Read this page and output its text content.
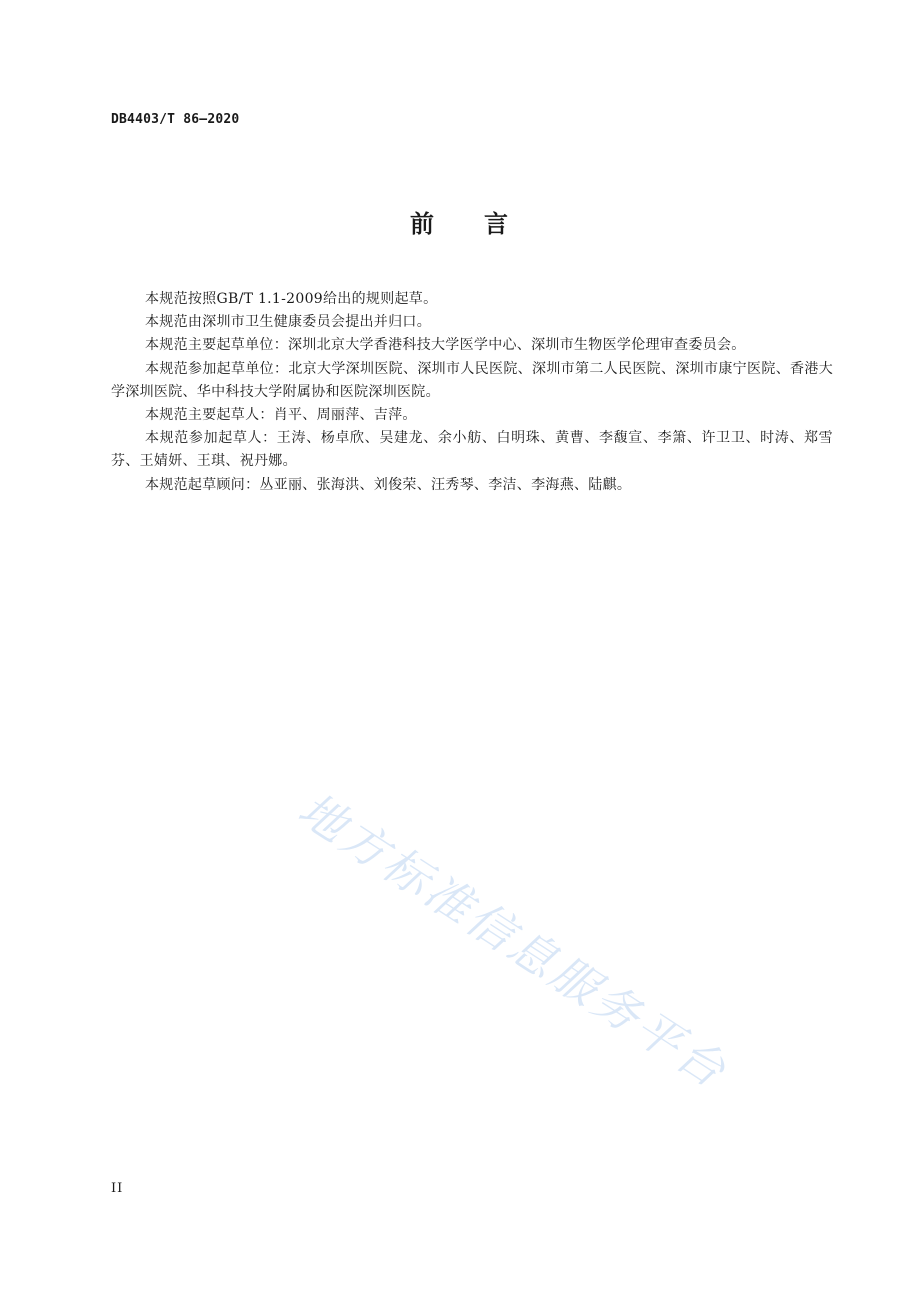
DB4403/T 86—2020
前 言

本规范按照GB/T 1.1-2009给出的规则起草。

本规范由深圳市卫生健康委员会提出并归口。

本规范主要起草单位：深圳北京大学香港科技大学医学中心、深圳市生物医学伦理审查委员会。

本规范参加起草单位：北京大学深圳医院、深圳市人民医院、深圳市第二人民医院、深圳市康宁医院、香港大学深圳医院、华中科技大学附属协和医院深圳医院。

本规范主要起草人：肖平、周丽萍、吉萍。

本规范参加起草人：王涛、杨卓欣、吴建龙、余小舫、白明珠、黄曹、李馥宣、李箫、许卫卫、时涛、郑雪芬、王婧妍、王琪、祝丹娜。

本规范起草顾问：丛亚丽、张海洪、刘俊荣、汪秀琴、李洁、李海燕、陆麒。

地方标准信息服务平台
II
